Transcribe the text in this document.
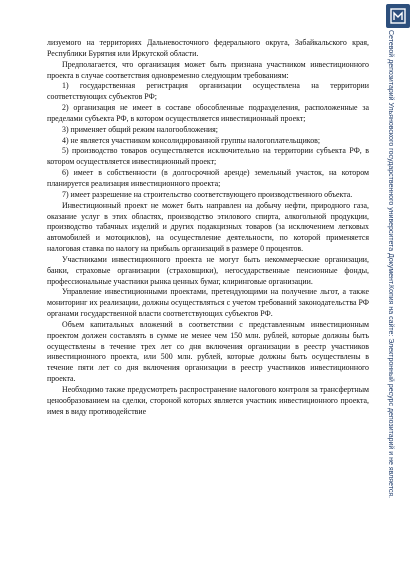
лизуемого на территориях Дальневосточного федерального округа, Забайкальского края, Республики Бурятия или Иркутской области.

Предполагается, что организация может быть признана участником инвестиционного проекта в случае соответствия одновременно следующим требованиям:

1) государственная регистрация организации осуществлена на территории соответствующих субъектов РФ;

2) организация не имеет в составе обособленные подразделения, расположенные за пределами субъекта РФ, в котором осуществляется инвестиционный проект;

3) применяет общий режим налогообложения;

4) не является участником консолидированной группы налогоплательщиков;

5) производство товаров осуществляется исключительно на территории субъекта РФ, в котором осуществляется инвестиционный проект;

6) имеет в собственности (в долгосрочной аренде) земельный участок, на котором планируется реализация инвестиционного проекта;

7) имеет разрешение на строительство соответствующего производственного объекта.

Инвестиционный проект не может быть направлен на добычу нефти, природного газа, оказание услуг в этих областях, производство этилового спирта, алкогольной продукции, производство табачных изделий и других подакцизных товаров (за исключением легковых автомобилей и мотоциклов), на осуществление деятельности, по которой применяется налоговая ставка по налогу на прибыль организаций в размере 0 процентов.

Участниками инвестиционного проекта не могут быть некоммерческие организации, банки, страховые организации (страховщики), негосударственные пенсионные фонды, профессиональные участники рынка ценных бумаг, клиринговые организации.

Управление инвестиционными проектами, претендующими на получение льгот, а также мониторинг их реализации, должны осуществляться с учетом требований законодательства РФ органами государственной власти соответствующих субъектов РФ.

Объем капитальных вложений в соответствии с представленным инвестиционным проектом должен составлять в сумме не менее чем 150 млн. рублей, которые должны быть осуществлены в течение трех лет со дня включения организации в реестр участников инвестиционного проекта, или 500 млн. рублей, которые должны быть осуществлены в течение пяти лет со дня включения организации в реестр участников инвестиционного проекта.

Необходимо также предусмотреть распространение налогового контроля за трансфертным ценообразованием на сделки, стороной которых является участник инвестиционного проекта, имея в виду противодействие

Сетевой депозитарий Ульяновского государственного университета Документ.
Копия на сайте: Электронный ресурс депозитарий и не является.
